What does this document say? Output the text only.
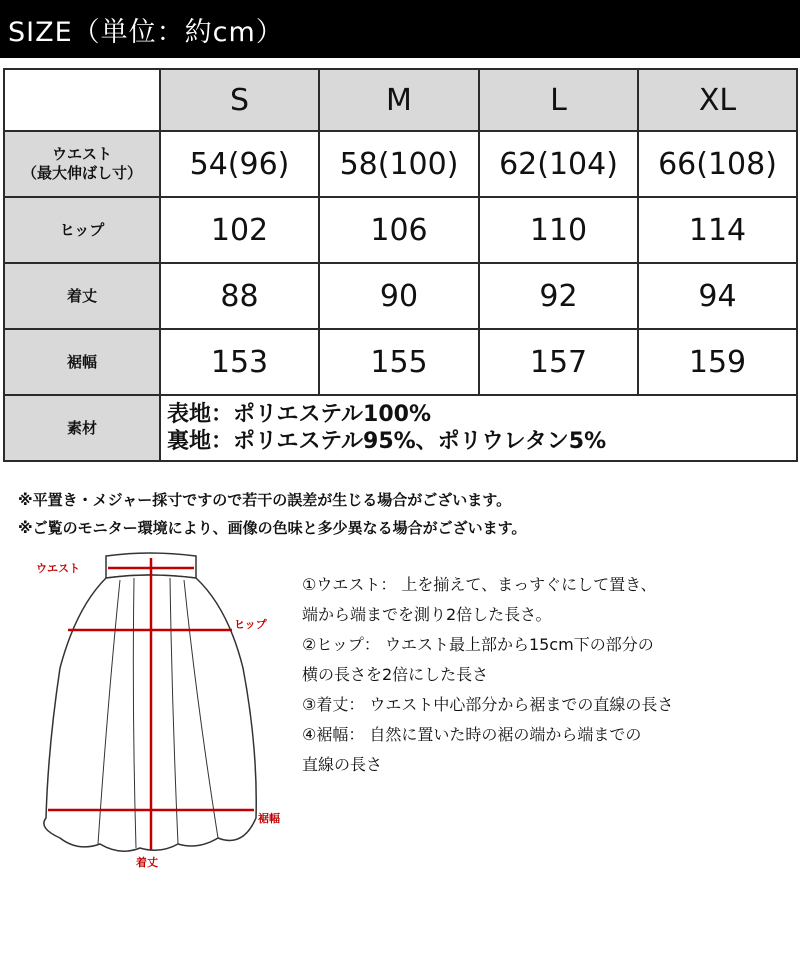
SIZE（単位：約cm）
	S	M	L	XL

ウエスト
（最大伸ばし寸）	54(96)	58(100)	62(104)	66(108)
ヒップ	102	106	110	114
着丈	88	90	92	94
裾幅	153	155	157	159
素材	表地：ポリエステル100%
裏地：ポリエステル95%、ポリウレタン5%			
※平置き・メジャー採寸ですので若干の誤差が生じる場合がございます。
※ご覧のモニター環境により、画像の色味と多少異なる場合がございます。
ウエスト
ヒップ
裾幅
着丈
①ウエスト： 上を揃えて、まっすぐにして置き、
端から端までを測り2倍した長さ。
②ヒップ： ウエスト最上部から15cm下の部分の
横の長さを2倍にした長さ
③着丈： ウエスト中心部分から裾までの直線の長さ
④裾幅： 自然に置いた時の裾の端から端までの
直線の長さ
